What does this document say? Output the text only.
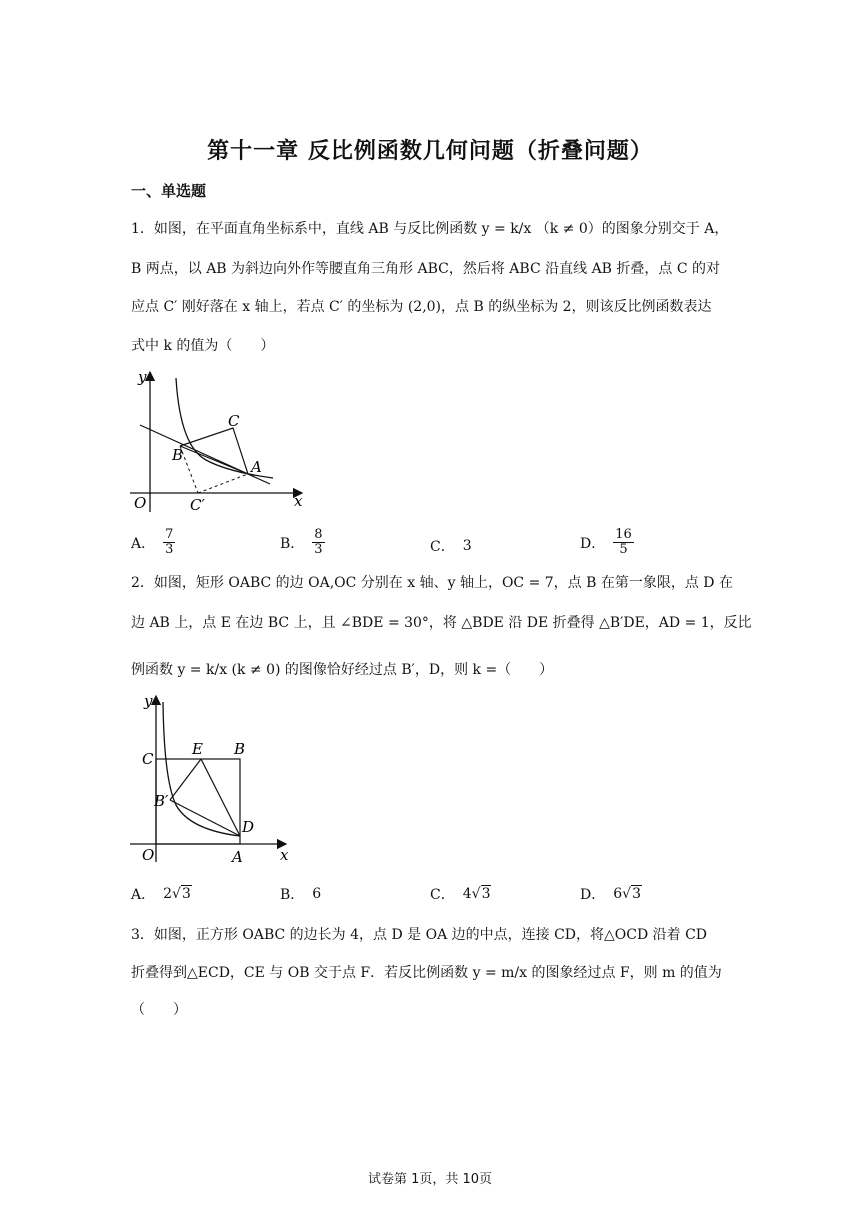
第十一章 反比例函数几何问题（折叠问题）
一、单选题
1．如图，在平面直角坐标系中，直线 AB 与反比例函数 y = k/x （k ≠ 0）的图象分别交于 A，
B 两点，以 AB 为斜边向外作等腰直角三角形 ABC，然后将 ABC 沿直线 AB 折叠，点 C 的对
应点 C′ 刚好落在 x 轴上，若点 C′ 的坐标为 (2,0)，点 B 的纵坐标为 2，则该反比例函数表达
式中 k 的值为（　　）
y
x
O
A
B
C
C′
A． $\frac{7}{3}$	B． $\frac{8}{3}$	C． 3	D． $\frac{16}{5}$
2．如图，矩形 OABC 的边 OA,OC 分别在 x 轴、y 轴上，OC = 7，点 B 在第一象限，点 D 在
边 AB 上，点 E 在边 BC 上，且 ∠BDE = 30°，将 △BDE 沿 DE 折叠得 △B′DE，AD = 1，反比
例函数 y = k/x (k ≠ 0) 的图像恰好经过点 B′，D，则 k =（　　）
y
x
O	A
B
C
D
E
B′
A． 2√3	B． 6	C． 4√3	D． 6√3
3．如图，正方形 OABC 的边长为 4，点 D 是 OA 边的中点，连接 CD，将△OCD 沿着 CD
折叠得到△ECD，CE 与 OB 交于点 F．若反比例函数 y = m/x 的图象经过点 F，则 m 的值为
（　　）
试卷第 1页，共 10页
